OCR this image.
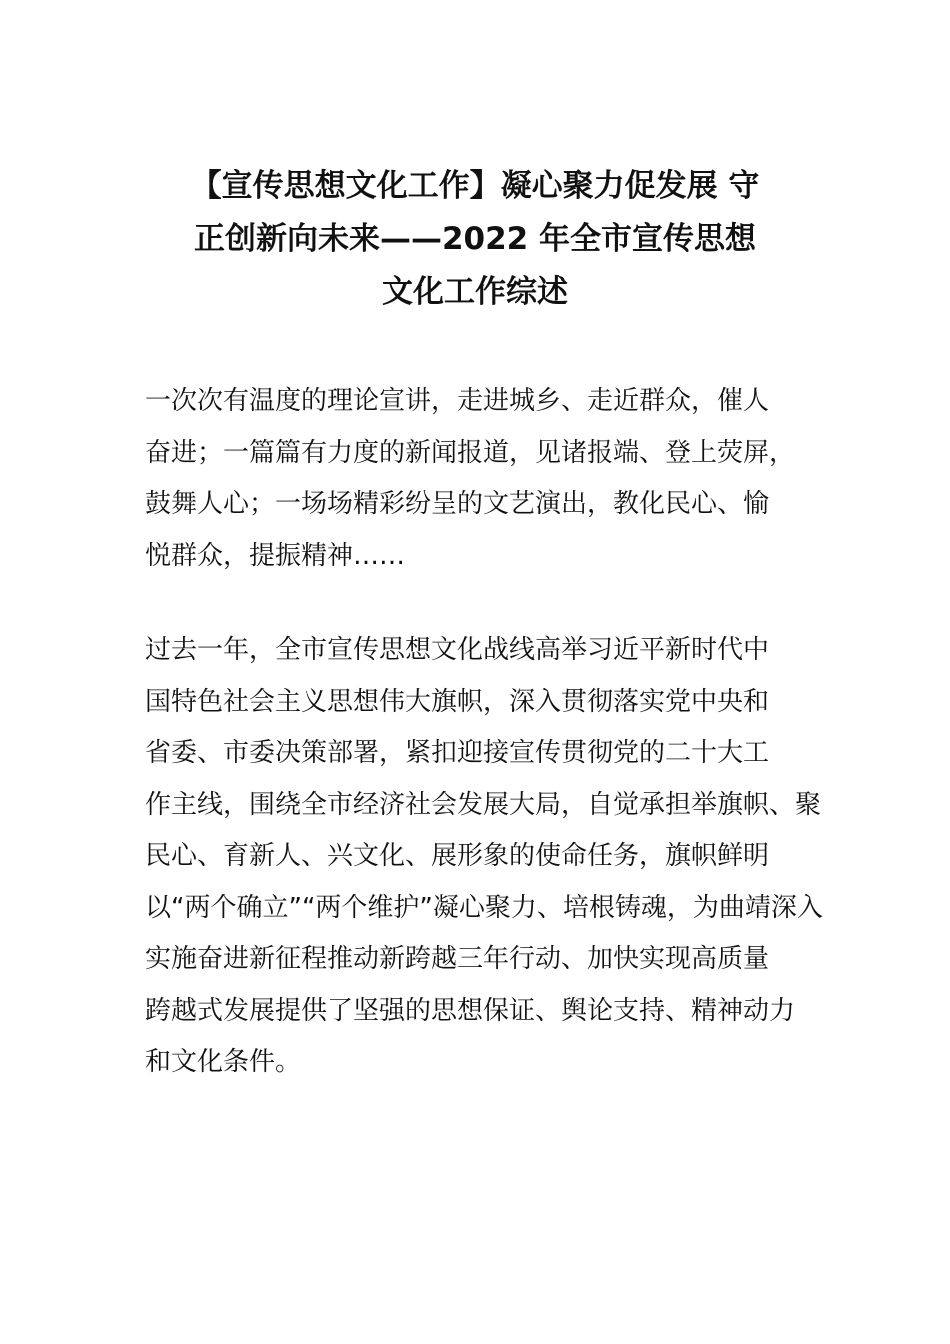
【宣传思想文化工作】凝心聚力促发展 守
正创新向未来——2022 年全市宣传思想
文化工作综述
一次次有温度的理论宣讲，走进城乡、走近群众，催人
奋进；一篇篇有力度的新闻报道，见诸报端、登上荧屏，
鼓舞人心；一场场精彩纷呈的文艺演出，教化民心、愉
悦群众，提振精神……
过去一年，全市宣传思想文化战线高举习近平新时代中
国特色社会主义思想伟大旗帜，深入贯彻落实党中央和
省委、市委决策部署，紧扣迎接宣传贯彻党的二十大工
作主线，围绕全市经济社会发展大局，自觉承担举旗帜、聚
民心、育新人、兴文化、展形象的使命任务，旗帜鲜明
以“两个确立”“两个维护”凝心聚力、培根铸魂，为曲靖深入
实施奋进新征程推动新跨越三年行动、加快实现高质量
跨越式发展提供了坚强的思想保证、舆论支持、精神动力
和文化条件。
